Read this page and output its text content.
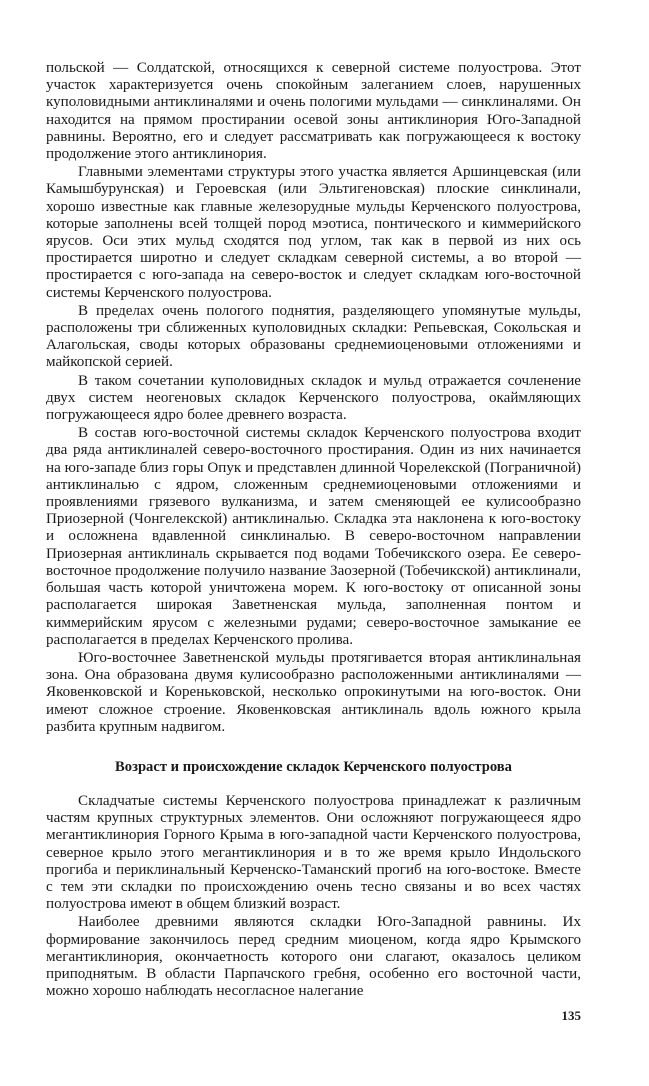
польской — Солдатской, относящихся к северной системе полуострова. Этот участок характеризуется очень спокойным залеганием слоев, нарушенных куполовидными антиклиналями и очень пологими мульдами — синклиналями. Он находится на прямом простирании осевой зоны антиклинория Юго-Западной равнины. Вероятно, его и следует рассматривать как погружающееся к востоку продолжение этого антиклинория.

Главными элементами структуры этого участка является Аршинцевская (или Камышбурунская) и Героевская (или Эльтигеновская) плоские синклинали, хорошо известные как главные железорудные мульды Керченского полуострова, которые заполнены всей толщей пород мэотиса, понтического и киммерийского ярусов. Оси этих мульд сходятся под углом, так как в первой из них ось простирается широтно и следует складкам северной системы, а во второй — простирается с юго-запада на северо-восток и следует складкам юго-восточной системы Керченского полуострова.

В пределах очень пологого поднятия, разделяющего упомянутые мульды, расположены три сближенных куполовидных складки: Репьевская, Сокольская и Алагольская, своды которых образованы среднемиоценовыми отложениями и майкопской серией.

В таком сочетании куполовидных складок и мульд отражается сочленение двух систем неогеновых складок Керченского полуострова, окаймляющих погружающееся ядро более древнего возраста.

В состав юго-восточной системы складок Керченского полуострова входит два ряда антиклиналей северо-восточного простирания. Один из них начинается на юго-западе близ горы Опук и представлен длинной Чорелекской (Пограничной) антиклиналью с ядром, сложенным среднемиоценовыми отложениями и проявлениями грязевого вулканизма, и затем сменяющей ее кулисообразно Приозерной (Чонгелекской) антиклиналью. Складка эта наклонена к юго-востоку и осложнена вдавленной синклиналью. В северо-восточном направлении Приозерная антиклиналь скрывается под водами Тобечикского озера. Ее северо-восточное продолжение получило название Заозерной (Тобечикской) антиклинали, большая часть которой уничтожена морем. К юго-востоку от описанной зоны располагается широкая Заветненская мульда, заполненная понтом и киммерийским ярусом с железными рудами; северо-восточное замыкание ее располагается в пределах Керченского пролива.

Юго-восточнее Заветненской мульды протягивается вторая антиклинальная зона. Она образована двумя кулисообразно расположенными антиклиналями — Яковенковской и Кореньковской, несколько опрокинутыми на юго-восток. Они имеют сложное строение. Яковенковская антиклиналь вдоль южного крыла разбита крупным надвигом.

Возраст и происхождение складок Керченского полуострова

Складчатые системы Керченского полуострова принадлежат к различным частям крупных структурных элементов. Они осложняют погружающееся ядро мегантиклинория Горного Крыма в юго-западной части Керченского полуострова, северное крыло этого мегантиклинория и в то же время крыло Индольского прогиба и периклинальный Керченско-Таманский прогиб на юго-востоке. Вместе с тем эти складки по происхождению очень тесно связаны и во всех частях полуострова имеют в общем близкий возраст.

Наиболее древними являются складки Юго-Западной равнины. Их формирование закончилось перед средним миоценом, когда ядро Крымского мегантиклинория, окончаетность которого они слагают, оказалось целиком приподнятым. В области Парпачского гребня, особенно его восточной части, можно хорошо наблюдать несогласное налегание

135
